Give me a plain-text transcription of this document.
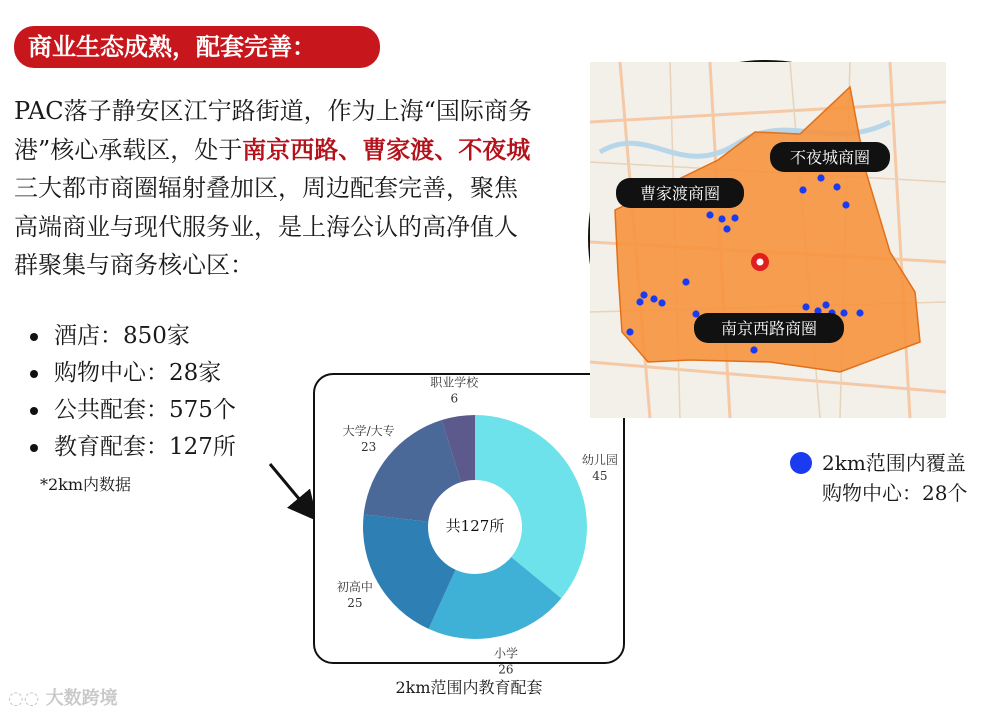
商业生态成熟，配套完善：
PAC落子静安区江宁路街道，作为上海“国际商务港”核心承载区，处于南京西路、曹家渡、不夜城三大都市商圈辐射叠加区，周边配套完善，聚焦高端商业与现代服务业，是上海公认的高净值人群聚集与商务核心区：
酒店：850家
购物中心：28家
公共配套：575个
教育配套：127所
*2km内数据
幼儿园
45
小学
26
初高中
25
大学/大专
23
职业学校
6
共127所
2km范围内教育配套
不夜城商圈
曹家渡商圈
南京西路商圈
2km范围内覆盖
购物中心：28个
◌◌ 大数跨境
